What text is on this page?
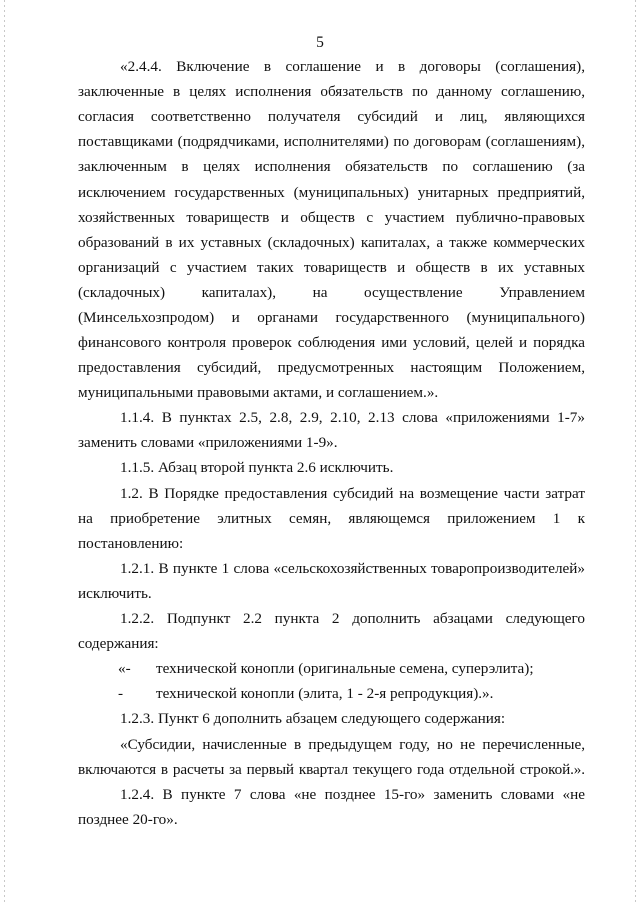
5
«2.4.4. Включение в соглашение и в договоры (соглашения),
заключенные в целях исполнения обязательств по данному соглашению,
согласия соответственно получателя субсидий и лиц, являющихся
поставщиками (подрядчиками, исполнителями) по договорам (соглашениям),
заключенным в целях исполнения обязательств по соглашению (за
исключением государственных (муниципальных) унитарных предприятий,
хозяйственных товариществ и обществ с участием публично-правовых
образований в их уставных (складочных) капиталах, а также коммерческих
организаций с участием таких товариществ и обществ в их уставных
(складочных) капиталах), на осуществление Управлением
(Минсельхозпродом) и органами государственного (муниципального)
финансового контроля проверок соблюдения ими условий, целей и порядка
предоставления субсидий, предусмотренных настоящим Положением,
муниципальными правовыми актами, и соглашением.».
1.1.4. В пунктах 2.5, 2.8, 2.9, 2.10, 2.13 слова «приложениями 1-7»
заменить словами «приложениями 1-9».
1.1.5. Абзац второй пункта 2.6 исключить.
1.2. В Порядке предоставления субсидий на возмещение части затрат
на приобретение элитных семян, являющемся приложением 1 к
постановлению:
1.2.1. В пункте 1 слова «сельскохозяйственных товаропроизводителей»
исключить.
1.2.2. Подпункт 2.2 пункта 2 дополнить абзацами следующего
содержания:
«- технической конопли (оригинальные семена, суперэлита);
- технической конопли (элита, 1 - 2-я репродукция).».
1.2.3. Пункт 6 дополнить абзацем следующего содержания:
«Субсидии, начисленные в предыдущем году, но не перечисленные,
включаются в расчеты за первый квартал текущего года отдельной строкой.».
1.2.4. В пункте 7 слова «не позднее 15-го» заменить словами «не
позднее 20-го».
